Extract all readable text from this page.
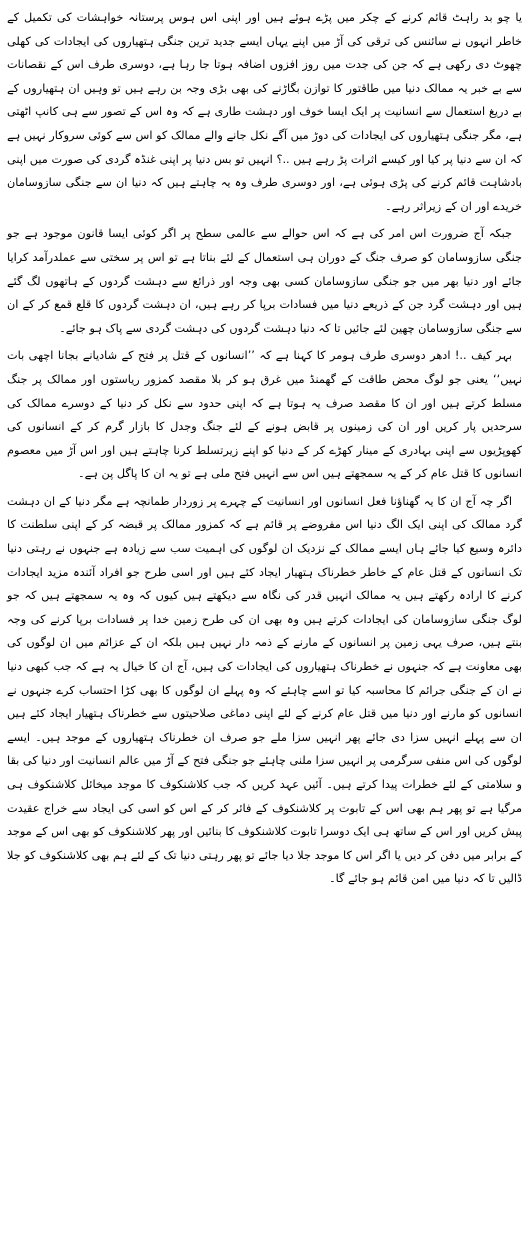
یا چو بد راہٹ قائم کرنے کے چکر میں پڑے ہوئے ہیں اور اپنی اس ہوس پرستانہ خواہشات کی تکمیل کے خاطر انہوں نے سائنس کی ترقی کی آڑ میں اپنے یہاں ایسے جدید ترین جنگی ہتھیاروں کی ایجادات کی کھلی چھوٹ دی رکھی ہے کہ جن کی جدت میں روز افزوں اضافہ ہوتا جا رہا ہے، دوسری طرف اس کے نقصانات سے بے خبر یہ ممالک دنیا میں طاقتور کا توازن بگاڑنے کی بھی بڑی وجہ بن رہے ہیں تو وہیں ان ہتھیاروں کے بے دریغ استعمال سے انسانیت پر ایک ایسا خوف اور دہشت طاری ہے کہ وہ اس کے تصور سے ہی کانپ اٹھتی ہے، مگر جنگی ہتھیاروں کی ایجادات کی دوڑ میں آگے نکل جانے والے ممالک کو اس سے کوئی سروکار نہیں ہے کہ ان سے دنیا پر کیا اور کیسے اثرات پڑ رہے ہیں ..؟ انہیں تو بس دنیا پر اپنی غنڈہ گردی کی صورت میں اپنی بادشاہت قائم کرنے کی پڑی ہوئی ہے، اور دوسری طرف وہ یہ چاہتے ہیں کہ دنیا ان سے جنگی سازوسامان خریدے اور ان کے زیراثر رہے۔

جبکہ آج ضرورت اس امر کی ہے کہ اس حوالے سے عالمی سطح پر اگر کوئی ایسا قانون موجود ہے جو جنگی سازوسامان کو صرف جنگ کے دوران ہی استعمال کے لئے بناتا ہے تو اس پر سختی سے عملدرآمد کرایا جائے اور دنیا بھر میں جو جنگی سازوسامان کسی بھی وجہ اور ذرائع سے دہشت گردوں کے ہاتھوں لگ گئے ہیں اور دہشت گرد جن کے ذریعے دنیا میں فسادات برپا کر رہے ہیں، ان دہشت گردوں کا قلع قمع کر کے ان سے جنگی سازوسامان چھین لئے جائیں تا کہ دنیا دہشت گردوں کی دہشت گردی سے پاک ہو جائے۔

بہر کیف ..! ادھر دوسری طرف ہومر کا کہنا ہے کہ ’’انسانوں کے قتل پر فتح کے شادیانے بجانا اچھی بات نہیں‘‘ یعنی جو لوگ محض طاقت کے گھمنڈ میں غرق ہو کر بلا مقصد کمزور ریاستوں اور ممالک پر جنگ مسلط کرتے ہیں اور ان کا مقصد صرف یہ ہوتا ہے کہ اپنی حدود سے نکل کر دنیا کے دوسرے ممالک کی سرحدیں پار کریں اور ان کی زمینوں پر قابض ہونے کے لئے جنگ وجدل کا بازار گرم کر کے انسانوں کی کھوپڑیوں سے اپنی بہادری کے مینار کھڑے کر کے دنیا کو اپنے زیرتسلط کرنا چاہتے ہیں اور اس آڑ میں معصوم انسانوں کا قتل عام کر کے یہ سمجھتے ہیں اس سے انہیں فتح ملی ہے تو یہ ان کا پاگل پن ہے۔

اگر چہ آج ان کا یہ گھناؤنا فعل انسانوں اور انسانیت کے چہرے پر زوردار طمانچہ ہے مگر دنیا کے ان دہشت گرد ممالک کی اپنی ایک الگ دنیا اس مفروضے پر قائم ہے کہ کمزور ممالک پر قبضہ کر کے اپنی سلطنت کا دائرہ وسیع کیا جائے ہاں ایسے ممالک کے نزدیک ان لوگوں کی اہمیت سب سے زیادہ ہے جنہوں نے رہتی دنیا تک انسانوں کے قتل عام کے خاطر خطرناک ہتھیار ایجاد کئے ہیں اور اسی طرح جو افراد آئندہ مزید ایجادات کرنے کا ارادہ رکھتے ہیں یہ ممالک انہیں قدر کی نگاہ سے دیکھتے ہیں کیوں کہ وہ یہ سمجھتے ہیں کہ جو لوگ جنگی سازوسامان کی ایجادات کرتے ہیں وہ بھی ان کی طرح زمین خدا پر فسادات برپا کرنے کی وجہ بنتے ہیں، صرف یہی زمین پر انسانوں کے مارنے کے ذمہ دار نہیں ہیں بلکہ ان کے عزائم میں ان لوگوں کی بھی معاونت ہے کہ جنہوں نے خطرناک ہتھیاروں کی ایجادات کی ہیں، آج ان کا خیال یہ ہے کہ جب کبھی دنیا نے ان کے جنگی جرائم کا محاسبہ کیا تو اسے چاہئے کہ وہ پہلے ان لوگوں کا بھی کڑا احتساب کرے جنہوں نے انسانوں کو مارنے اور دنیا میں قتل عام کرنے کے لئے اپنی دماغی صلاحیتوں سے خطرناک ہتھیار ایجاد کئے ہیں ان سے پہلے انہیں سزا دی جائے پھر انہیں سزا ملے جو صرف ان خطرناک ہتھیاروں کے موجد ہیں۔ ایسے لوگوں کی اس منفی سرگرمی پر انہیں سزا ملنی چاہئے جو جنگی فتح کے آڑ میں عالم انسانیت اور دنیا کی بقا و سلامتی کے لئے خطرات پیدا کرتے ہیں۔ آئیں عہد کریں کہ جب کلاشنکوف کا موجد میخائل کلاشنکوف ہی مرگیا ہے تو پھر ہم بھی اس کے تابوت پر کلاشنکوف کے فائر کر کے اس کو اسی کی ایجاد سے خراج عقیدت پیش کریں اور اس کے ساتھ ہی ایک دوسرا تابوت کلاشنکوف کا بنائیں اور پھر کلاشنکوف کو بھی اس کے موجد کے برابر میں دفن کر دیں یا اگر اس کا موجد جلا دیا جائے تو پھر رہتی دنیا تک کے لئے ہم بھی کلاشنکوف کو جلا ڈالیں تا کہ دنیا میں امن قائم ہو جائے گا۔
